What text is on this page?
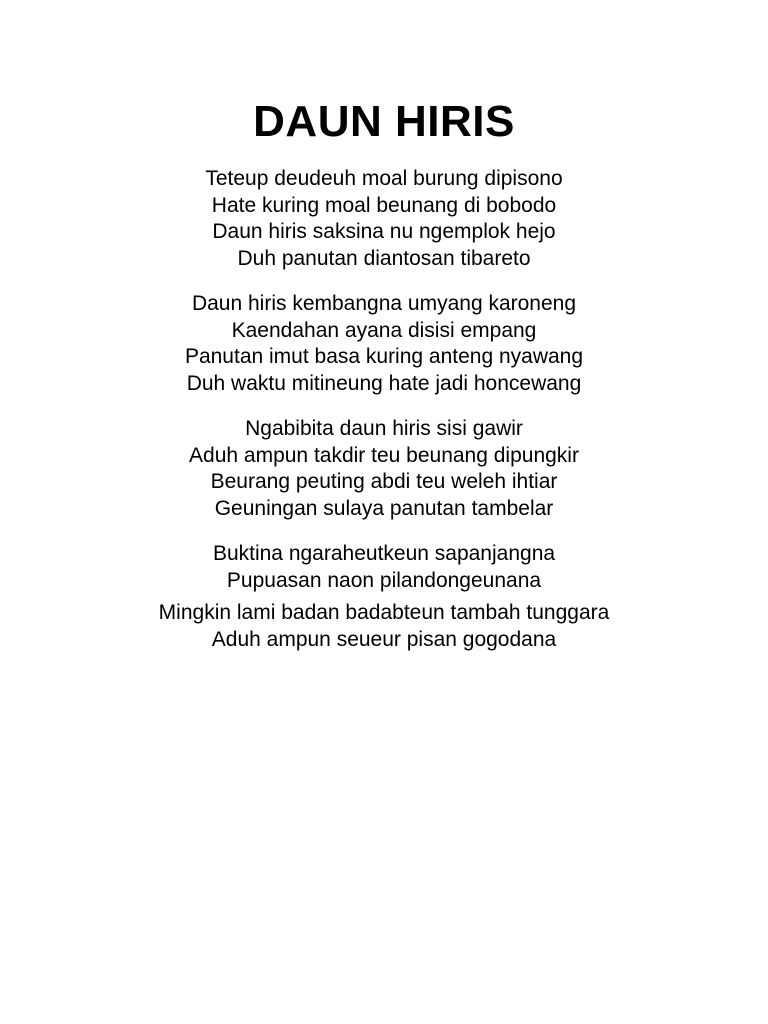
DAUN HIRIS
Teteup deudeuh moal burung dipisono
Hate kuring moal beunang di bobodo
Daun hiris saksina nu ngemplok hejo
Duh panutan diantosan tibareto
Daun hiris kembangna umyang karoneng
Kaendahan ayana disisi empang
Panutan imut basa kuring anteng nyawang
Duh waktu mitineung hate jadi honcewang
Ngabibita daun hiris sisi gawir
Aduh ampun takdir teu beunang dipungkir
Beurang peuting abdi teu weleh ihtiar
Geuningan sulaya panutan tambelar
Buktina ngaraheutkeun sapanjangna
Pupuasan naon pilandongeunana
Mingkin lami badan badabteun tambah tunggara
Aduh ampun seueur pisan gogodana
